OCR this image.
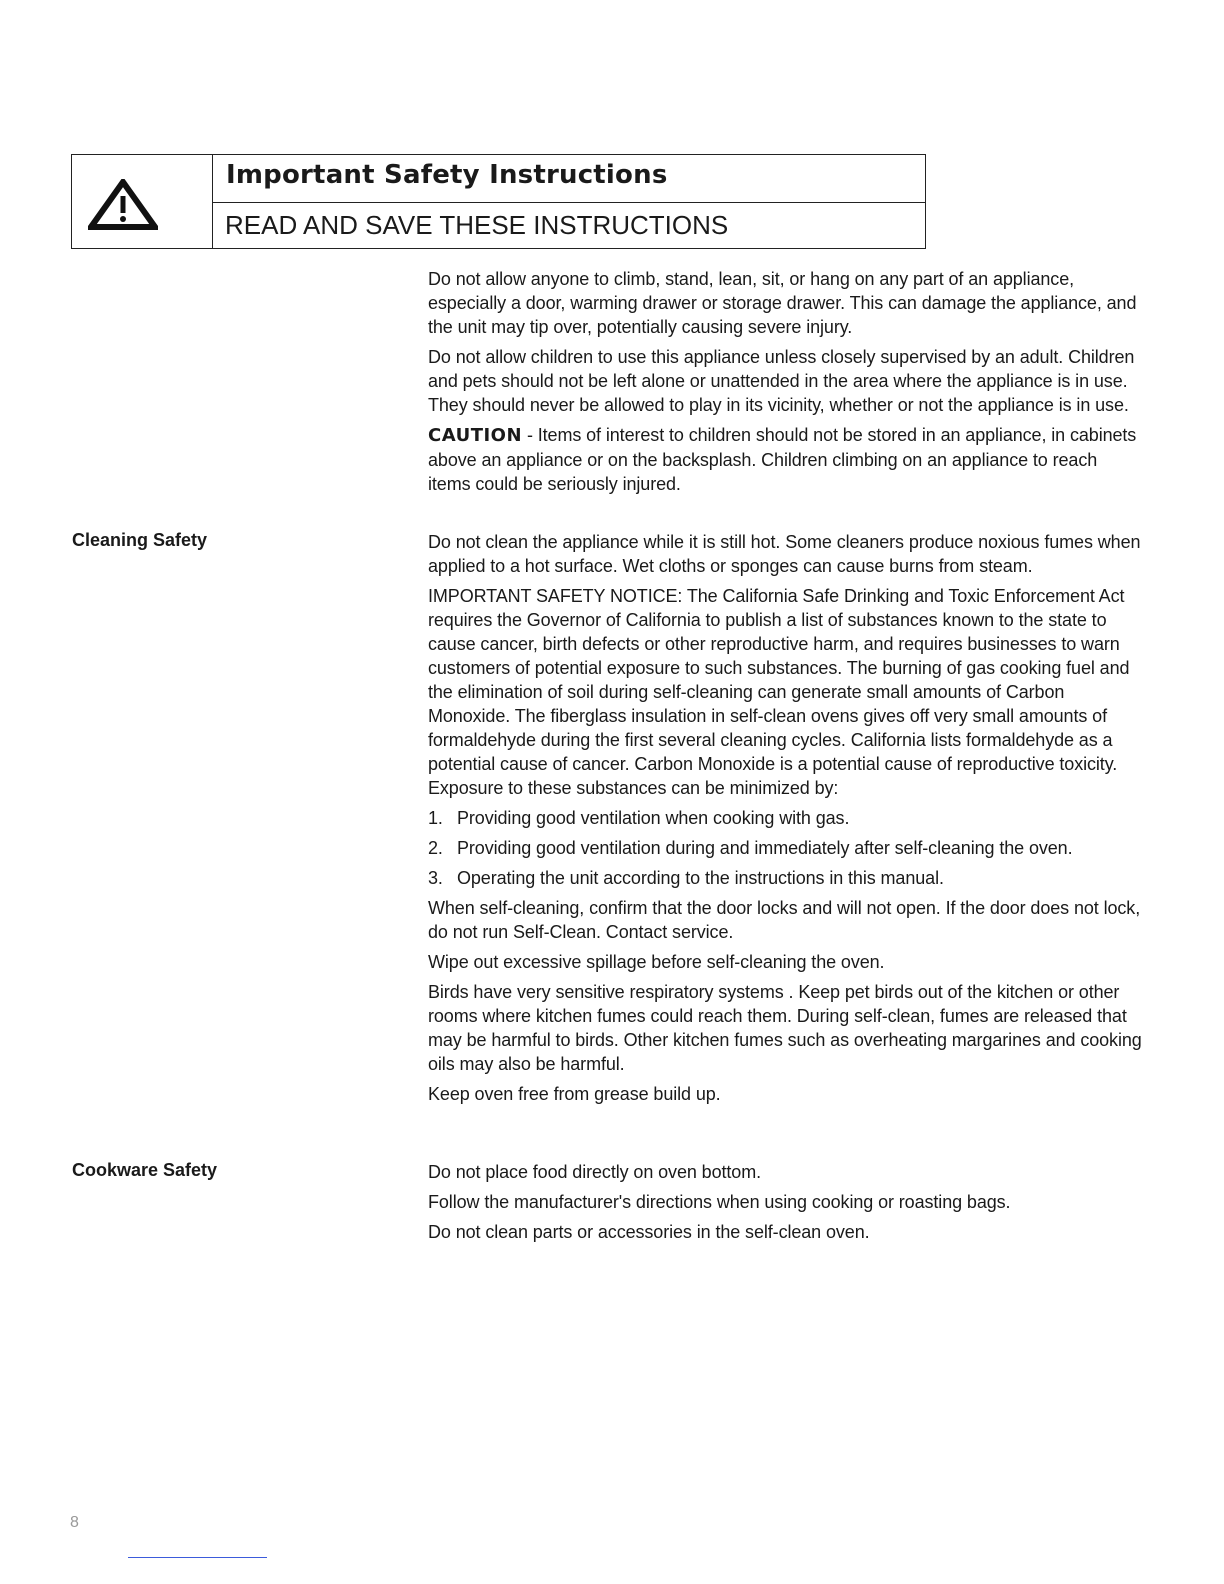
Important Safety Instructions
READ AND SAVE THESE INSTRUCTIONS

Do not allow anyone to climb, stand, lean, sit, or hang on any part of an appliance, especially a door, warming drawer or storage drawer. This can damage the appliance, and the unit may tip over, potentially causing severe injury.

Do not allow children to use this appliance unless closely supervised by an adult. Children and pets should not be left alone or unattended in the area where the appliance is in use. They should never be allowed to play in its vicinity, whether or not the appliance is in use.

CAUTION - Items of interest to children should not be stored in an appliance, in cabinets above an appliance or on the backsplash. Children climbing on an appliance to reach items could be seriously injured.

Cleaning Safety	Do not clean the appliance while it is still hot. Some cleaners produce noxious fumes when applied to a hot surface. Wet cloths or sponges can cause burns from steam.

IMPORTANT SAFETY NOTICE: The California Safe Drinking and Toxic Enforcement Act requires the Governor of California to publish a list of substances known to the state to cause cancer, birth defects or other reproductive harm, and requires businesses to warn customers of potential exposure to such substances. The burning of gas cooking fuel and the elimination of soil during self-cleaning can generate small amounts of Carbon Monoxide. The fiberglass insulation in self-clean ovens gives off very small amounts of formaldehyde during the first several cleaning cycles. California lists formaldehyde as a potential cause of cancer. Carbon Monoxide is a potential cause of reproductive toxicity. Exposure to these substances can be minimized by:

1. Providing good ventilation when cooking with gas.
2. Providing good ventilation during and immediately after self-cleaning the oven.
3. Operating the unit according to the instructions in this manual.

When self-cleaning, confirm that the door locks and will not open. If the door does not lock, do not run Self-Clean. Contact service.

Wipe out excessive spillage before self-cleaning the oven.

Birds have very sensitive respiratory systems . Keep pet birds out of the kitchen or other rooms where kitchen fumes could reach them. During self-clean, fumes are released that may be harmful to birds. Other kitchen fumes such as overheating margarines and cooking oils may also be harmful.

Keep oven free from grease build up.

Cookware Safety	Do not place food directly on oven bottom.

Follow the manufacturer's directions when using cooking or roasting bags.

Do not clean parts or accessories in the self-clean oven.

8
